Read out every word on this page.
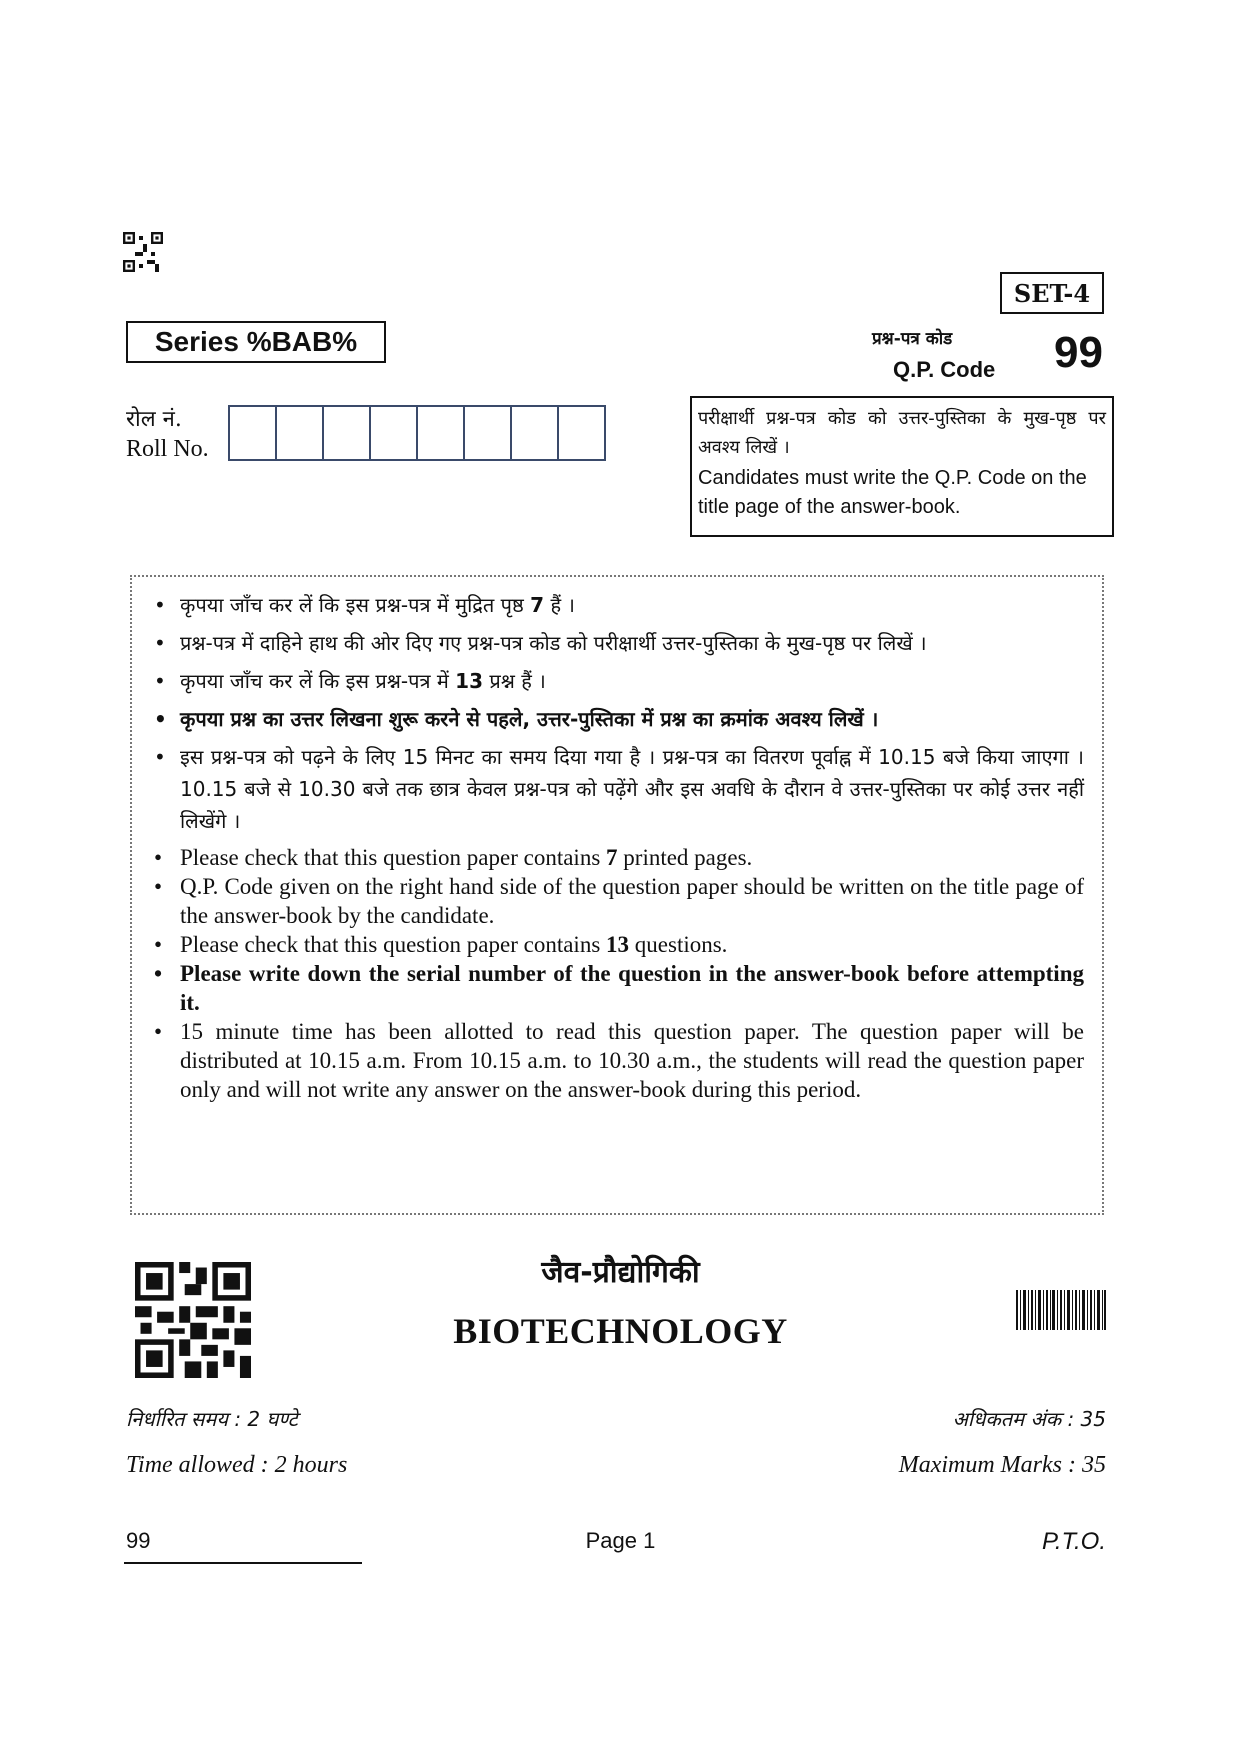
SET-4
Series %BAB%	प्रश्न-पत्र कोड
Q.P. Code 99
रोल नं.
Roll No.
परीक्षार्थी प्रश्न-पत्र कोड को उत्तर-पुस्तिका के मुख-पृष्ठ पर अवश्य लिखें ।
Candidates must write the Q.P. Code on the title page of the answer-book.
• कृपया जाँच कर लें कि इस प्रश्न-पत्र में मुद्रित पृष्ठ 7 हैं ।
• प्रश्न-पत्र में दाहिने हाथ की ओर दिए गए प्रश्न-पत्र कोड को परीक्षार्थी उत्तर-पुस्तिका के मुख-पृष्ठ पर लिखें ।
• कृपया जाँच कर लें कि इस प्रश्न-पत्र में 13 प्रश्न हैं ।
• कृपया प्रश्न का उत्तर लिखना शुरू करने से पहले, उत्तर-पुस्तिका में प्रश्न का क्रमांक अवश्य लिखें ।
• इस प्रश्न-पत्र को पढ़ने के लिए 15 मिनट का समय दिया गया है । प्रश्न-पत्र का वितरण पूर्वाह्न में 10.15 बजे किया जाएगा । 10.15 बजे से 10.30 बजे तक छात्र केवल प्रश्न-पत्र को पढ़ेंगे और इस अवधि के दौरान वे उत्तर-पुस्तिका पर कोई उत्तर नहीं लिखेंगे ।
• Please check that this question paper contains 7 printed pages.
• Q.P. Code given on the right hand side of the question paper should be written on the title page of the answer-book by the candidate.
• Please check that this question paper contains 13 questions.
• Please write down the serial number of the question in the answer-book before attempting it.
• 15 minute time has been allotted to read this question paper. The question paper will be distributed at 10.15 a.m. From 10.15 a.m. to 10.30 a.m., the students will read the question paper only and will not write any answer on the answer-book during this period.
जैव-प्रौद्योगिकी
BIOTECHNOLOGY
निर्धारित समय : 2 घण्टे
Time allowed : 2 hours
अधिकतम अंक : 35
Maximum Marks : 35
99	Page 1	P.T.O.
